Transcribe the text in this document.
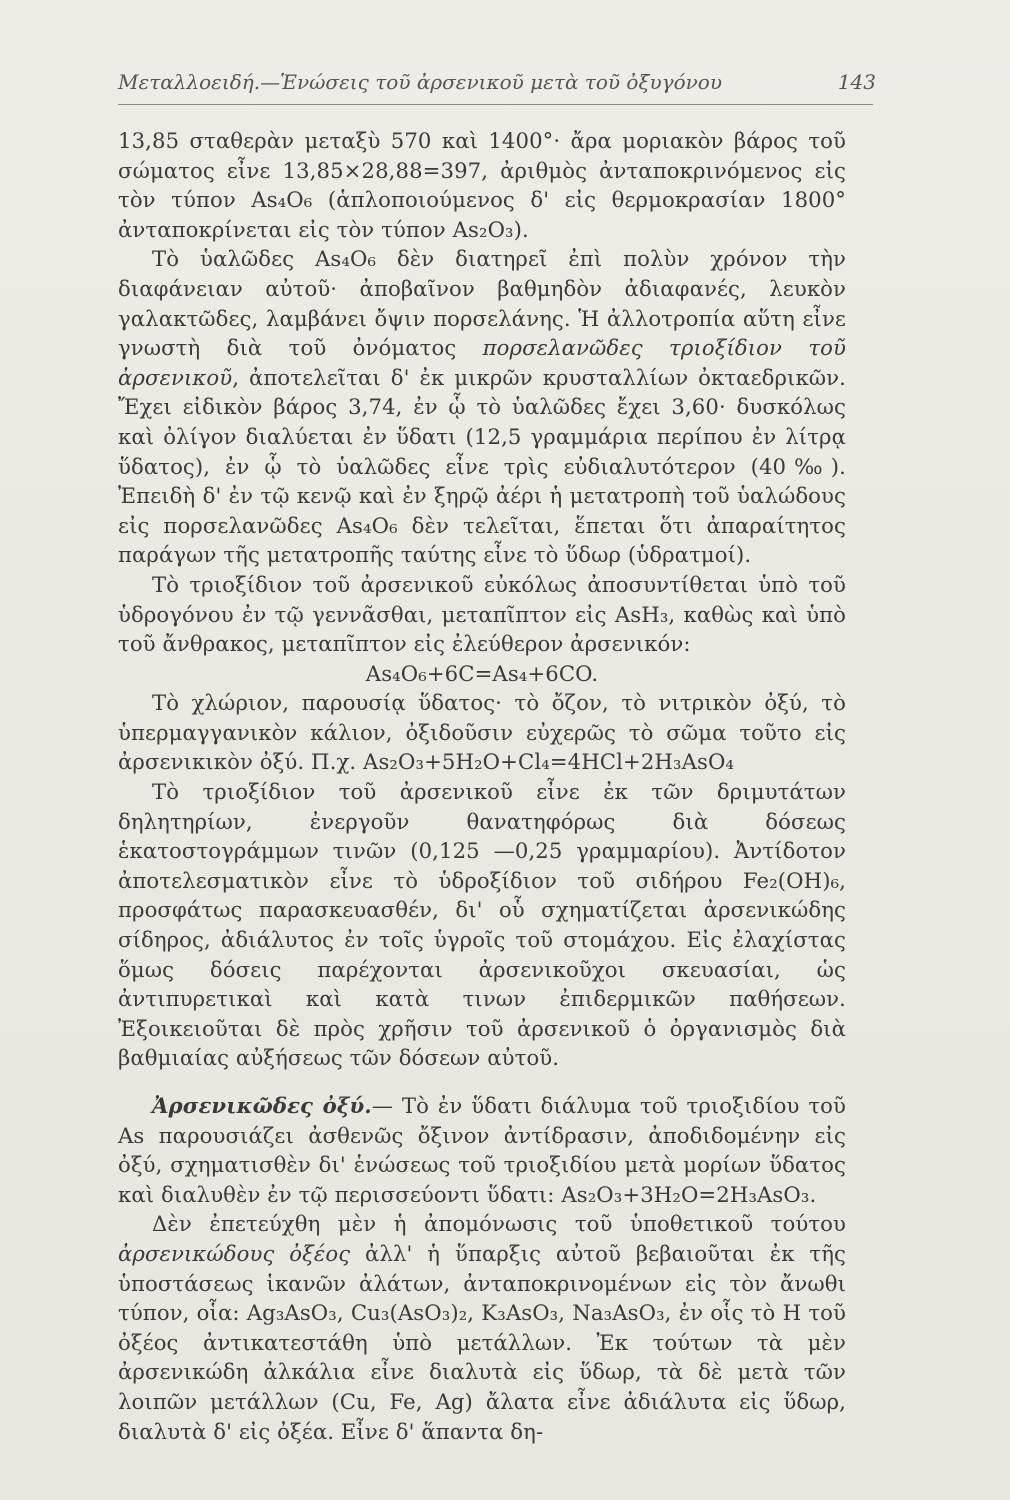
Μεταλλοειδή.—Ἑνώσεις τοῦ ἀρσενικοῦ μετὰ τοῦ ὀξυγόνου	143

13,85 σταθερὰν μεταξὺ 570 καὶ 1400°· ἄρα μοριακὸν βάρος τοῦ σώματος εἶνε 13,85×28,88=397, ἀριθμὸς ἀνταποκρινόμενος εἰς τὸν τύπον As₄O₆ (ἁπλοποιούμενος δ' εἰς θερμοκρασίαν 1800° ἀνταποκρίνεται εἰς τὸν τύπον As₂O₃).

Τὸ ὑαλῶδες As₄O₆ δὲν διατηρεῖ ἐπὶ πολὺν χρόνον τὴν διαφάνειαν αὐτοῦ· ἀποβαῖνον βαθμηδὸν ἀδιαφανές, λευκὸν γαλακτῶδες, λαμβάνει ὄψιν πορσελάνης. Ἡ ἀλλοτροπία αὕτη εἶνε γνωστὴ διὰ τοῦ ὀνόματος πορσελανῶδες τριοξίδιον τοῦ ἀρσενικοῦ, ἀποτελεῖται δ' ἐκ μικρῶν κρυσταλλίων ὀκταεδρικῶν. Ἔχει εἰδικὸν βάρος 3,74, ἐν ᾧ τὸ ὑαλῶδες ἔχει 3,60· δυσκόλως καὶ ὀλίγον διαλύεται ἐν ὕδατι (12,5 γραμμάρια περίπου ἐν λίτρᾳ ὕδατος), ἐν ᾧ τὸ ὑαλῶδες εἶνε τρὶς εὐδιαλυτότερον (40‰). Ἐπειδὴ δ' ἐν τῷ κενῷ καὶ ἐν ξηρῷ ἀέρι ἡ μετατροπὴ τοῦ ὑαλώδους εἰς πορσελανῶδες As₄O₆ δὲν τελεῖται, ἕπεται ὅτι ἀπαραίτητος παράγων τῆς μετατροπῆς ταύτης εἶνε τὸ ὕδωρ (ὑδρατμοί).

Τὸ τριοξίδιον τοῦ ἀρσενικοῦ εὐκόλως ἀποσυντίθεται ὑπὸ τοῦ ὑδρογόνου ἐν τῷ γεννᾶσθαι, μεταπῖπτον εἰς AsH₃, καθὼς καὶ ὑπὸ τοῦ ἄνθρακος, μεταπῖπτον εἰς ἐλεύθερον ἀρσενικόν:

As₄O₆+6C=As₄+6CO.

Τὸ χλώριον, παρουσίᾳ ὕδατος· τὸ ὄζον, τὸ νιτρικὸν ὀξύ, τὸ ὑπερμαγγανικὸν κάλιον, ὀξιδοῦσιν εὐχερῶς τὸ σῶμα τοῦτο εἰς ἀρσενικικὸν ὀξύ. Π.χ. As₂O₃+5H₂O+Cl₄=4HCl+2H₃AsO₄

Τὸ τριοξίδιον τοῦ ἀρσενικοῦ εἶνε ἐκ τῶν δριμυτάτων δηλητηρίων, ἐνεργοῦν θανατηφόρως διὰ δόσεως ἑκατοστογράμμων τινῶν (0,125 —0,25 γραμμαρίου). Ἀντίδοτον ἀποτελεσματικὸν εἶνε τὸ ὑδροξίδιον τοῦ σιδήρου Fe₂(OH)₆, προσφάτως παρασκευασθέν, δι' οὗ σχηματίζεται ἀρσενικώδης σίδηρος, ἀδιάλυτος ἐν τοῖς ὑγροῖς τοῦ στομάχου. Εἰς ἐλαχίστας ὅμως δόσεις παρέχονται ἀρσενικοῦχοι σκευασίαι, ὡς ἀντιπυρετικαὶ καὶ κατὰ τινων ἐπιδερμικῶν παθήσεων. Ἐξοικειοῦται δὲ πρὸς χρῆσιν τοῦ ἀρσενικοῦ ὁ ὀργανισμὸς διὰ βαθμιαίας αὐξήσεως τῶν δόσεων αὐτοῦ.

Ἀρσενικῶδες ὀξύ.— Τὸ ἐν ὕδατι διάλυμα τοῦ τριοξιδίου τοῦ As παρουσιάζει ἀσθενῶς ὄξινον ἀντίδρασιν, ἀποδιδομένην εἰς ὀξύ, σχηματισθὲν δι' ἑνώσεως τοῦ τριοξιδίου μετὰ μορίων ὕδατος καὶ διαλυθὲν ἐν τῷ περισσεύοντι ὕδατι: As₂O₃+3H₂O=2H₃AsO₃.

Δὲν ἐπετεύχθη μὲν ἡ ἀπομόνωσις τοῦ ὑποθετικοῦ τούτου ἀρσενικώδους ὀξέος ἀλλ' ἡ ὕπαρξις αὐτοῦ βεβαιοῦται ἐκ τῆς ὑποστάσεως ἱκανῶν ἀλάτων, ἀνταποκρινομένων εἰς τὸν ἄνωθι τύπον, οἷα: Ag₃AsO₃, Cu₃(AsO₃)₂, K₃AsO₃, Na₃AsO₃, ἐν οἷς τὸ H τοῦ ὀξέος ἀντικατεστάθη ὑπὸ μετάλλων. Ἐκ τούτων τὰ μὲν ἀρσενικώδη ἀλκάλια εἶνε διαλυτὰ εἰς ὕδωρ, τὰ δὲ μετὰ τῶν λοιπῶν μετάλλων (Cu, Fe, Ag) ἄλατα εἶνε ἀδιάλυτα εἰς ὕδωρ, διαλυτὰ δ' εἰς ὀξέα. Εἶνε δ' ἅπαντα δη-
